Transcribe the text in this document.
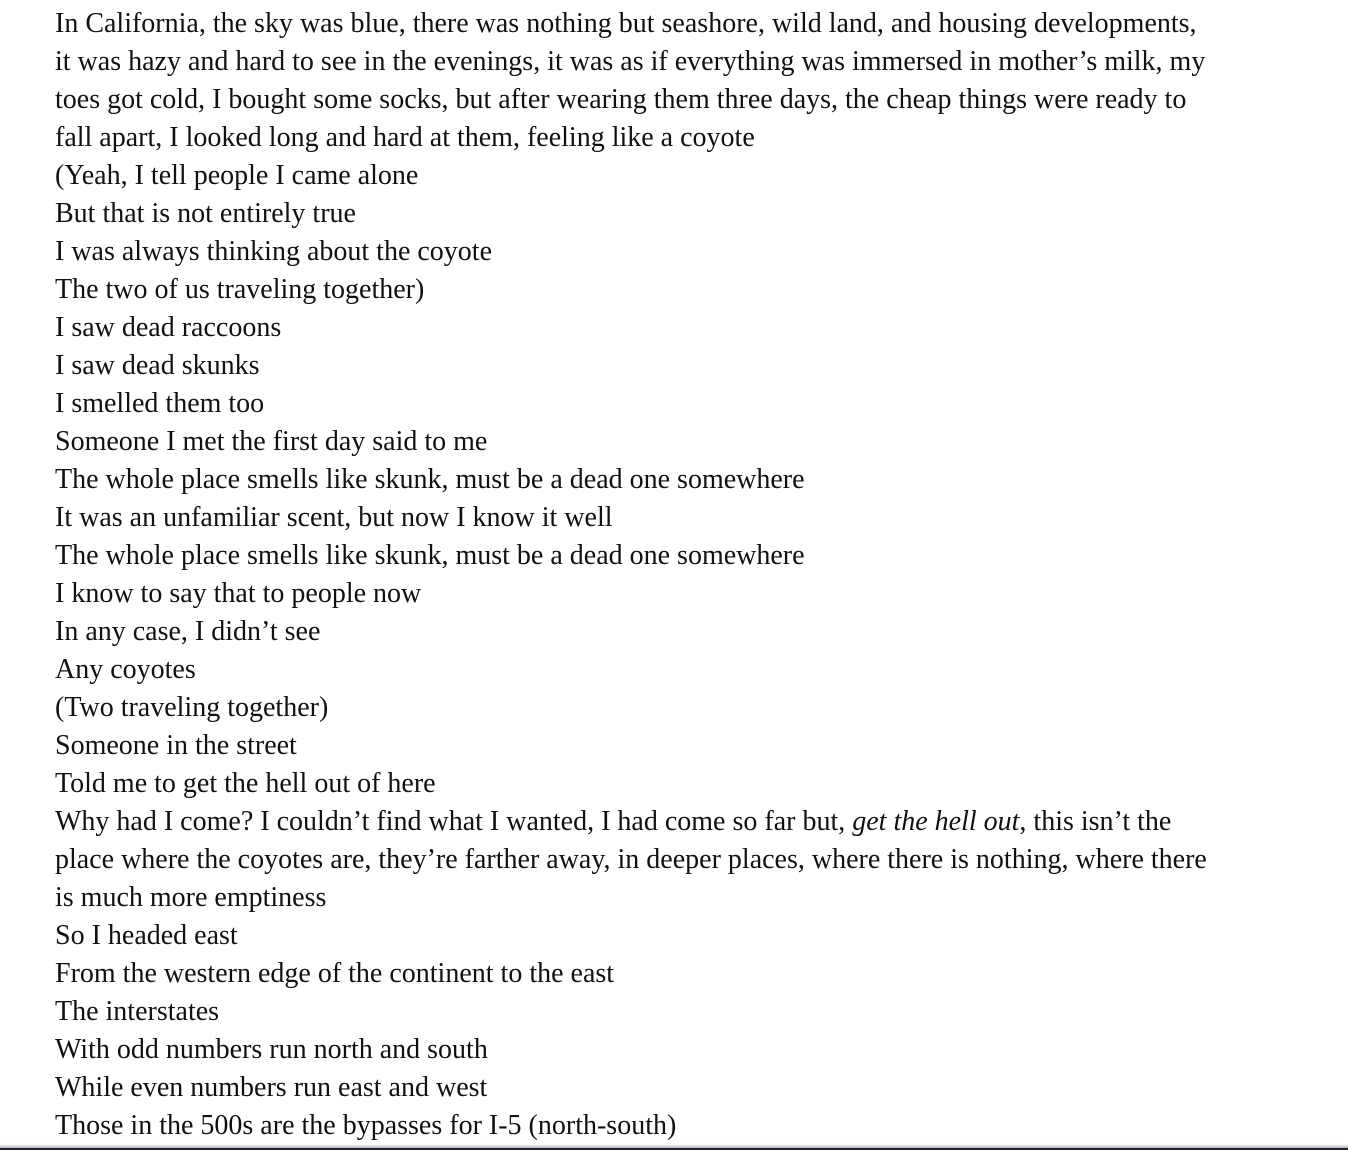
In California, the sky was blue, there was nothing but seashore, wild land, and housing developments, it was hazy and hard to see in the evenings, it was as if everything was immersed in mother’s milk, my toes got cold, I bought some socks, but after wearing them three days, the cheap things were ready to fall apart, I looked long and hard at them, feeling like a coyote

(Yeah, I tell people I came alone

But that is not entirely true

I was always thinking about the coyote

The two of us traveling together)

I saw dead raccoons

I saw dead skunks

I smelled them too

Someone I met the first day said to me

The whole place smells like skunk, must be a dead one somewhere

It was an unfamiliar scent, but now I know it well

The whole place smells like skunk, must be a dead one somewhere

I know to say that to people now

In any case, I didn’t see

Any coyotes

(Two traveling together)

Someone in the street

Told me to get the hell out of here

Why had I come? I couldn’t find what I wanted, I had come so far but, get the hell out, this isn’t the place where the coyotes are, they’re farther away, in deeper places, where there is nothing, where there is much more emptiness

So I headed east

From the western edge of the continent to the east

The interstates

With odd numbers run north and south

While even numbers run east and west

Those in the 500s are the bypasses for I-5 (north-south)
